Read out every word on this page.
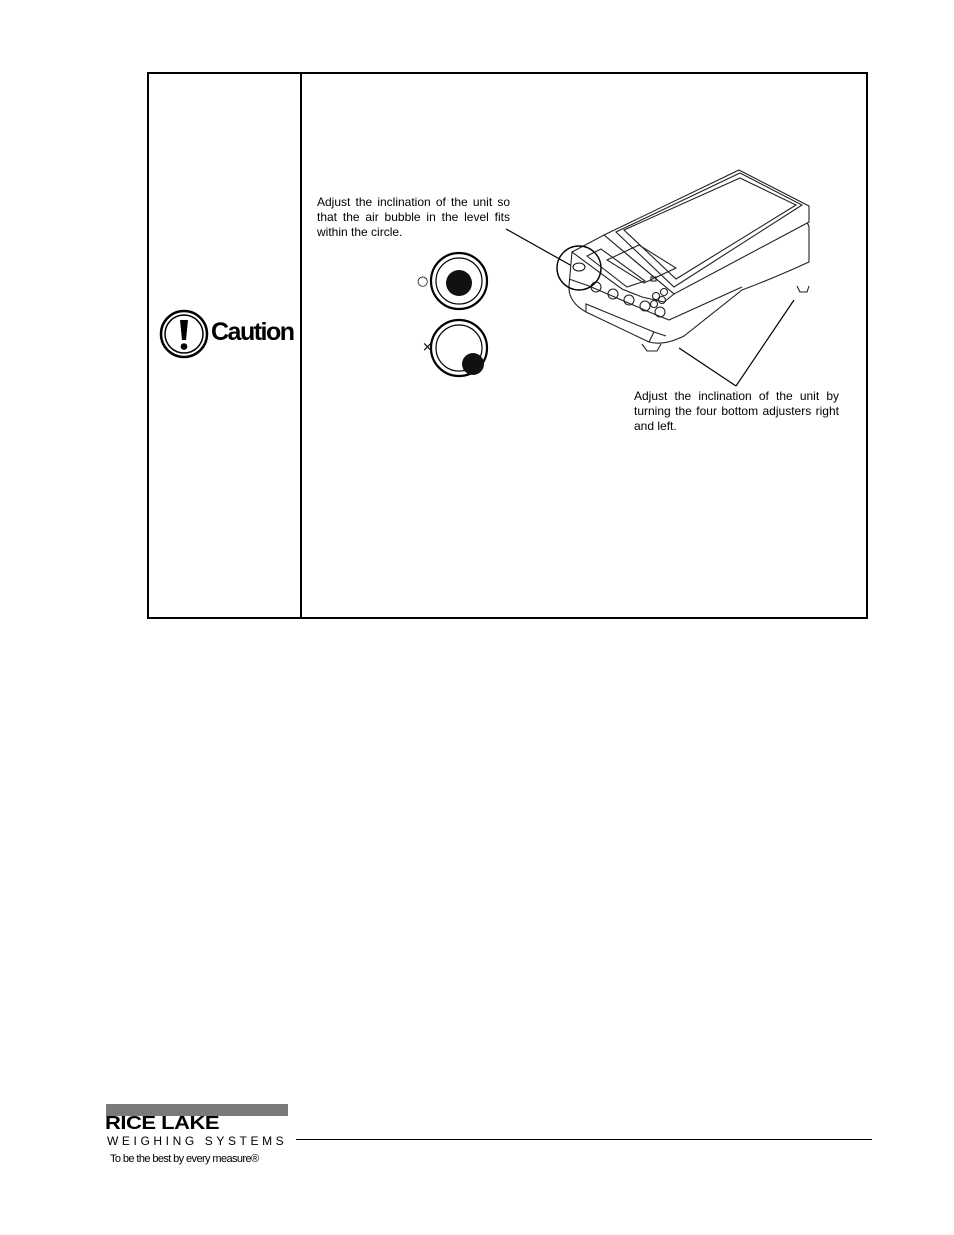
Caution
○
×
Adjust the inclination of the unit so that the air bubble in the level fits within the circle.
Adjust the inclination of the unit by turning the four bottom adjusters right and left.
RICE LAKE
WEIGHING SYSTEMS
To be the best by every measure®
